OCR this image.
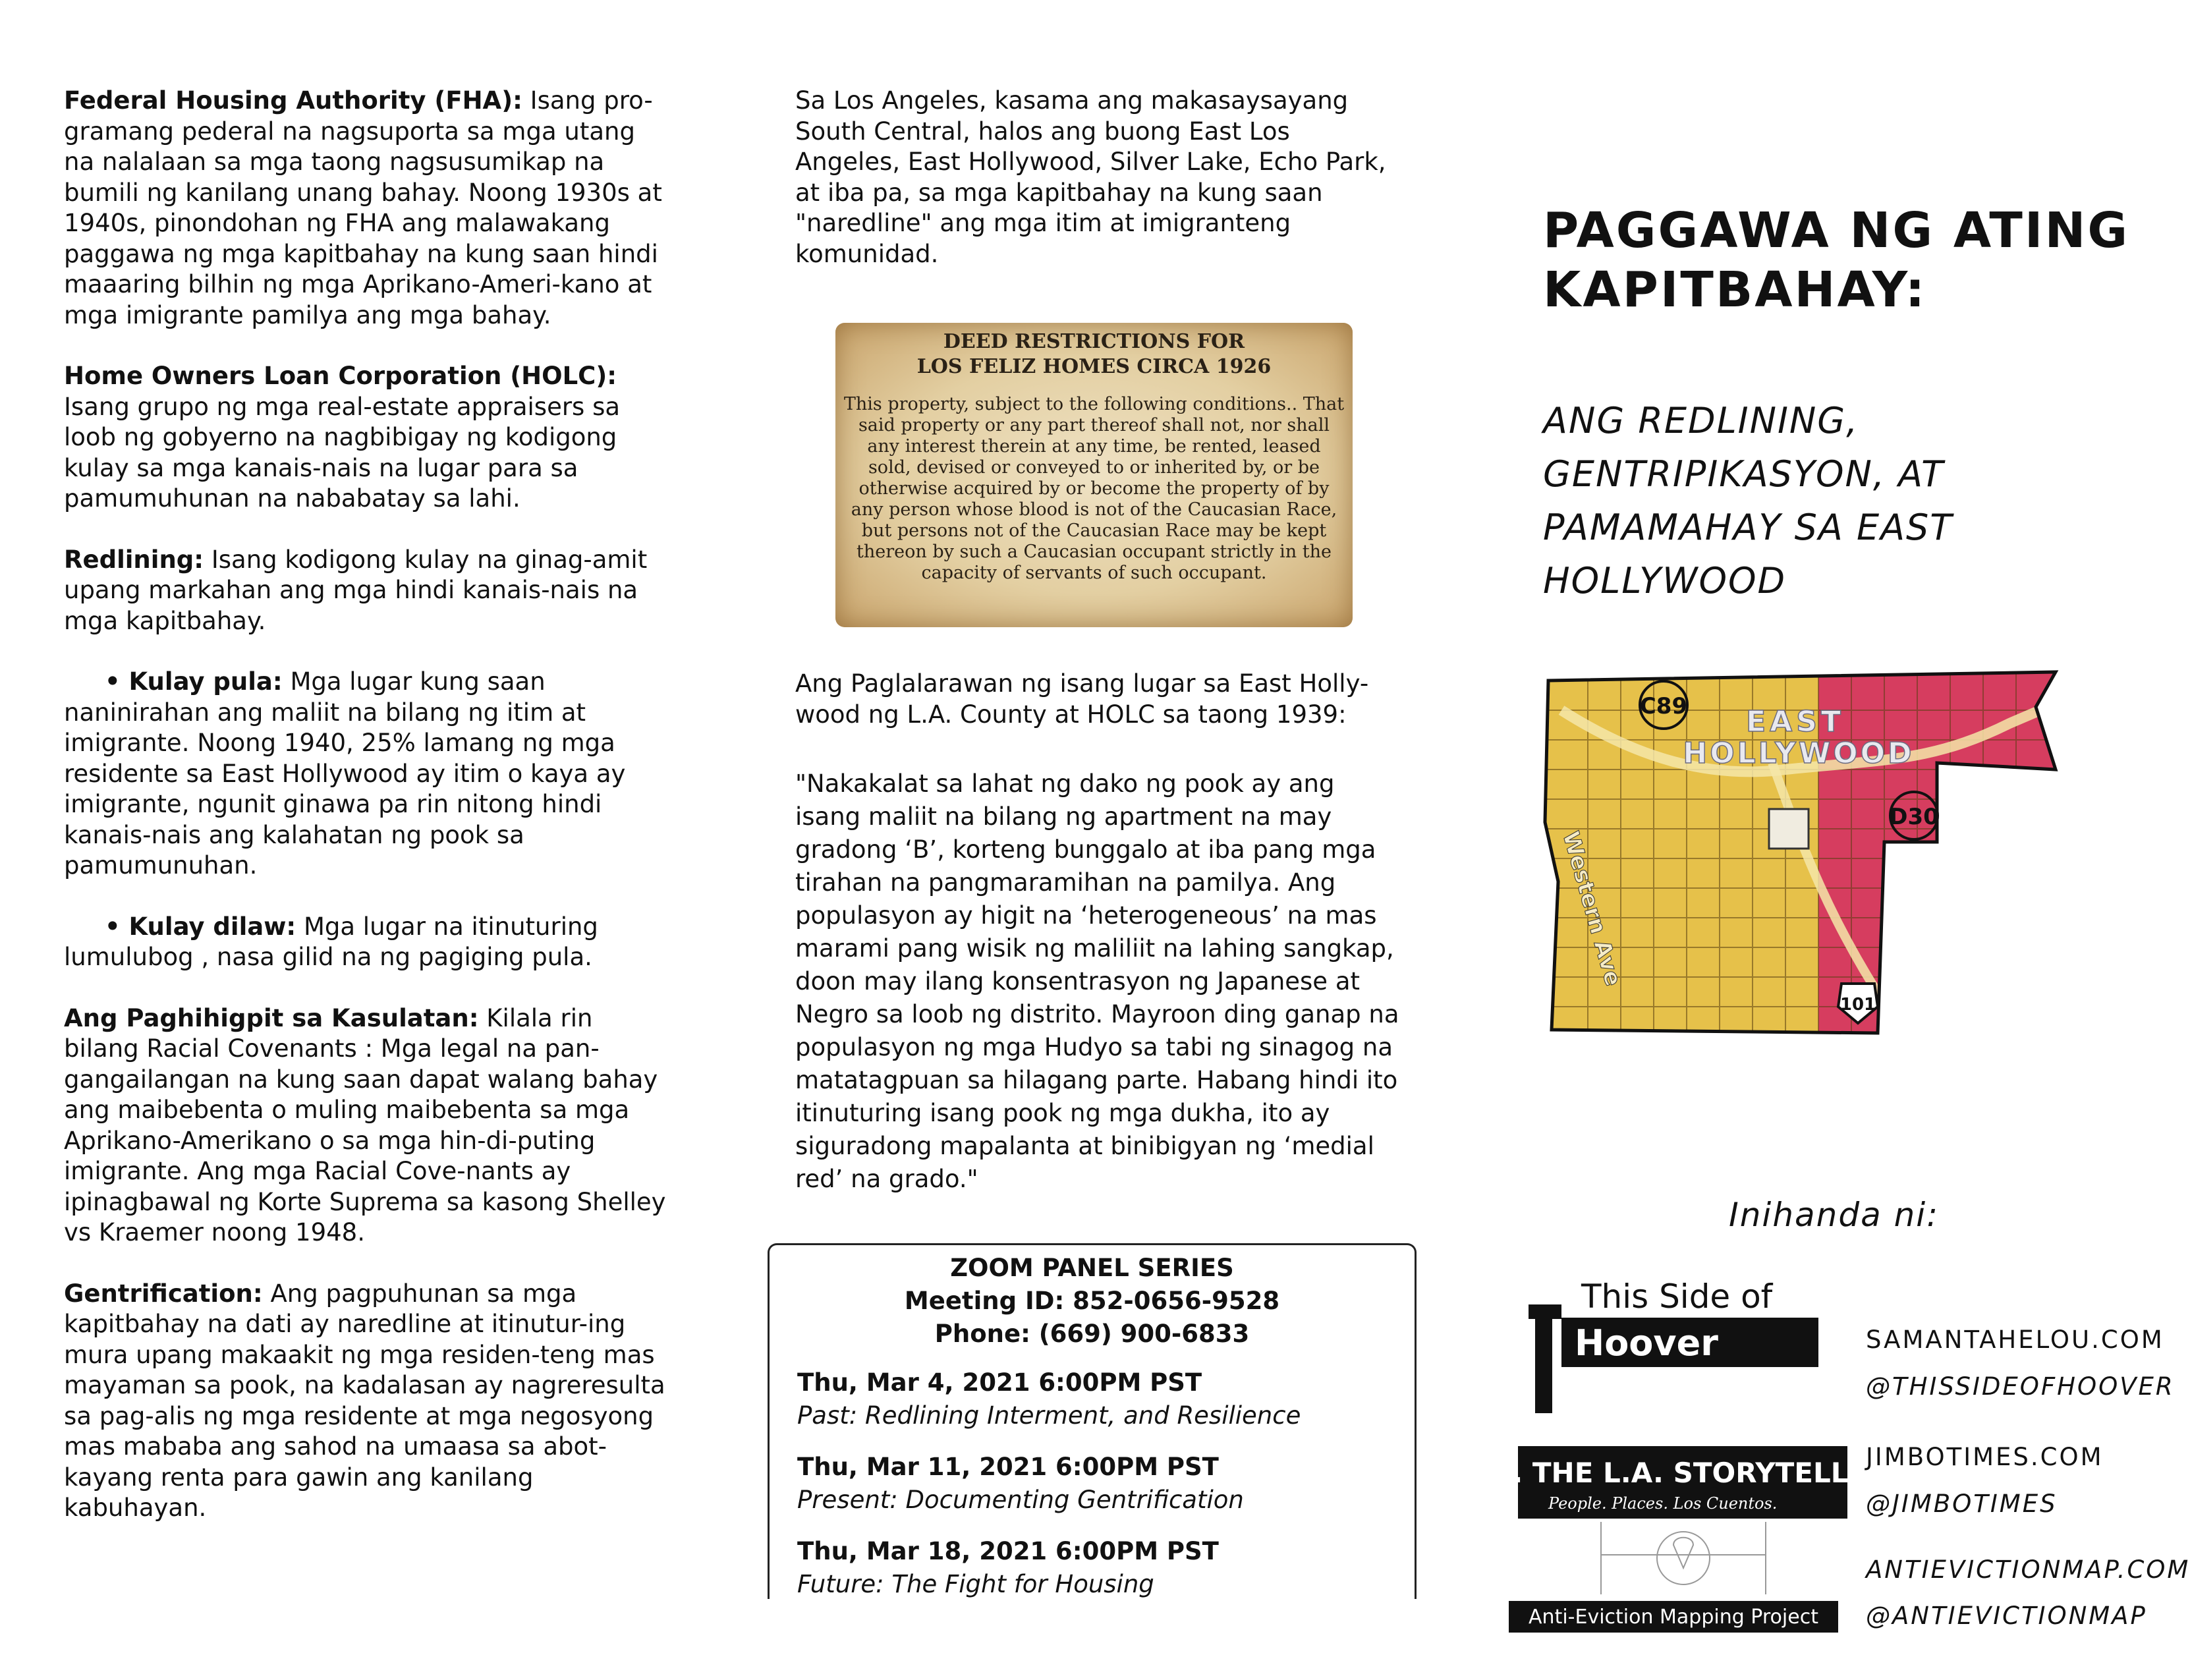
Federal Housing Authority (FHA): Isang pro-gramang pederal na nagsuporta sa mga utang na nalalaan sa mga taong nagsusumikap na bumili ng kanilang unang bahay. Noong 1930s at 1940s, pinondohan ng FHA ang malawakang paggawa ng mga kapitbahay na kung saan hindi maaaring bilhin ng mga Aprikano-Ameri-kano at mga imigrante pamilya ang mga bahay.

Home Owners Loan Corporation (HOLC): Isang grupo ng mga real-estate appraisers sa loob ng gobyerno na nagbibigay ng kodigong kulay sa mga kanais-nais na lugar para sa pamumuhunan na nababatay sa lahi.

Redlining: Isang kodigong kulay na ginag-amit upang markahan ang mga hindi kanais-nais na mga kapitbahay.

• Kulay pula: Mga lugar kung saan naninirahan ang maliit na bilang ng itim at imigrante. Noong 1940, 25% lamang ng mga residente sa East Hollywood ay itim o kaya ay imigrante, ngunit ginawa pa rin nitong hindi kanais-nais ang kalahatan ng pook sa pamumunuhan.

• Kulay dilaw: Mga lugar na itinuturing lumulubog , nasa gilid na ng pagiging pula.

Ang Paghihigpit sa Kasulatan: Kilala rin bilang Racial Covenants : Mga legal na pan-gangailangan na kung saan dapat walang bahay ang maibebenta o muling maibebenta sa mga Aprikano-Amerikano o sa mga hin-di-puting imigrante. Ang mga Racial Cove-nants ay ipinagbawal ng Korte Suprema sa kasong Shelley vs Kraemer noong 1948.

Gentrification: Ang pagpuhunan sa mga kapitbahay na dati ay naredline at itinutur-ing mura upang makaakit ng mga residen-teng mas mayaman sa pook, na kadalasan ay nagreresulta sa pag-alis ng mga residente at mga negosyong mas mababa ang sahod na umaasa sa abot-kayang renta para gawin ang kanilang kabuhayan.

Sa Los Angeles, kasama ang makasaysayang South Central, halos ang buong East Los Angeles, East Hollywood, Silver Lake, Echo Park, at iba pa, sa mga kapitbahay na kung saan "naredline" ang mga itim at imigranteng komunidad.

DEED RESTRICTIONS FOR
LOS FELIZ HOMES CIRCA 1926
This property, subject to the following conditions.. That said property or any part thereof shall not, nor shall any interest therein at any time, be rented, leased sold, devised or conveyed to or inherited by, or be otherwise acquired by or become the property of by any person whose blood is not of the Caucasian Race, but persons not of the Caucasian Race may be kept thereon by such a Caucasian occupant strictly in the capacity of servants of such occupant.
Ang Paglalarawan ng isang lugar sa East Holly-wood ng L.A. County at HOLC sa taong 1939:
"Nakakalat sa lahat ng dako ng pook ay ang isang maliit na bilang ng apartment na may gradong ‘B’, korteng bunggalo at iba pang mga tirahan na pangmaramihan na pamilya. Ang populasyon ay higit na ‘heterogeneous’ na mas marami pang wisik ng maliliit na lahing sangkap, doon may ilang konsentrasyon ng Japanese at Negro sa loob ng distrito. Mayroon ding ganap na populasyon ng mga Hudyo sa tabi ng sinagog na matatagpuan sa hilagang parte. Habang hindi ito itinuturing isang pook ng mga dukha, ito ay siguradong mapalanta at binibigyan ng ‘medial red’ na grado."
ZOOM PANEL SERIES
Meeting ID: 852-0656-9528
Phone: (669) 900-6833
Thu, Mar 4, 2021 6:00PM PST
Past: Redlining Interment, and Resilience
Thu, Mar 11, 2021 6:00PM PST
Present: Documenting Gentrification
Thu, Mar 18, 2021 6:00PM PST
Future: The Fight for Housing
PAGGAWA NG ATING
KAPITBAHAY:
ANG REDLINING,
GENTRIPIKASYON, AT
PAMAMAHAY SA EAST
HOLLYWOOD
C89
D30
EAST
HOLLYWOOD
Western Ave
101
Inihanda ni:
This Side of
Hoover
J.T. THE L.A. STORYTELLER
People. Places. Los Cuentos.
Anti-Eviction Mapping Project
SAMANTAHELOU.COM
@THISSIDEOFHOOVER
JIMBOTIMES.COM
@JIMBOTIMES
ANTIEVICTIONMAP.COM
@ANTIEVICTIONMAP
